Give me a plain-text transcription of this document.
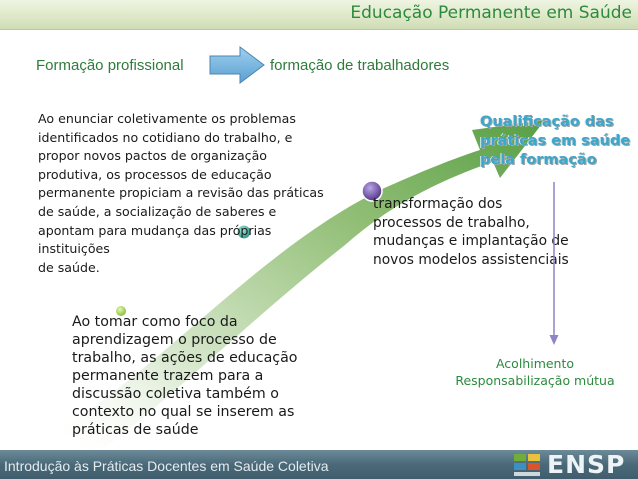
Educação Permanente em Saúde
Formação profissional	formação de trabalhadores
Ao enunciar coletivamente os problemas
identificados no cotidiano do trabalho, e
propor novos pactos de organização
produtiva, os processos de educação
permanente propiciam a revisão das práticas
de saúde, a socialização de saberes e
apontam para mudança das próprias
instituições
de saúde.
Ao tomar como foco da
aprendizagem o processo de
trabalho, as ações de educação
permanente trazem para a
discussão coletiva também o
contexto no qual se inserem as
práticas de saúde
transformação dos
processos de trabalho,
mudanças e implantação de
novos modelos assistenciais
Qualificação das
práticas em saúde
pela formação
Acolhimento
Responsabilização mútua
Introdução às Práticas Docentes em Saúde Coletiva	ENSP
